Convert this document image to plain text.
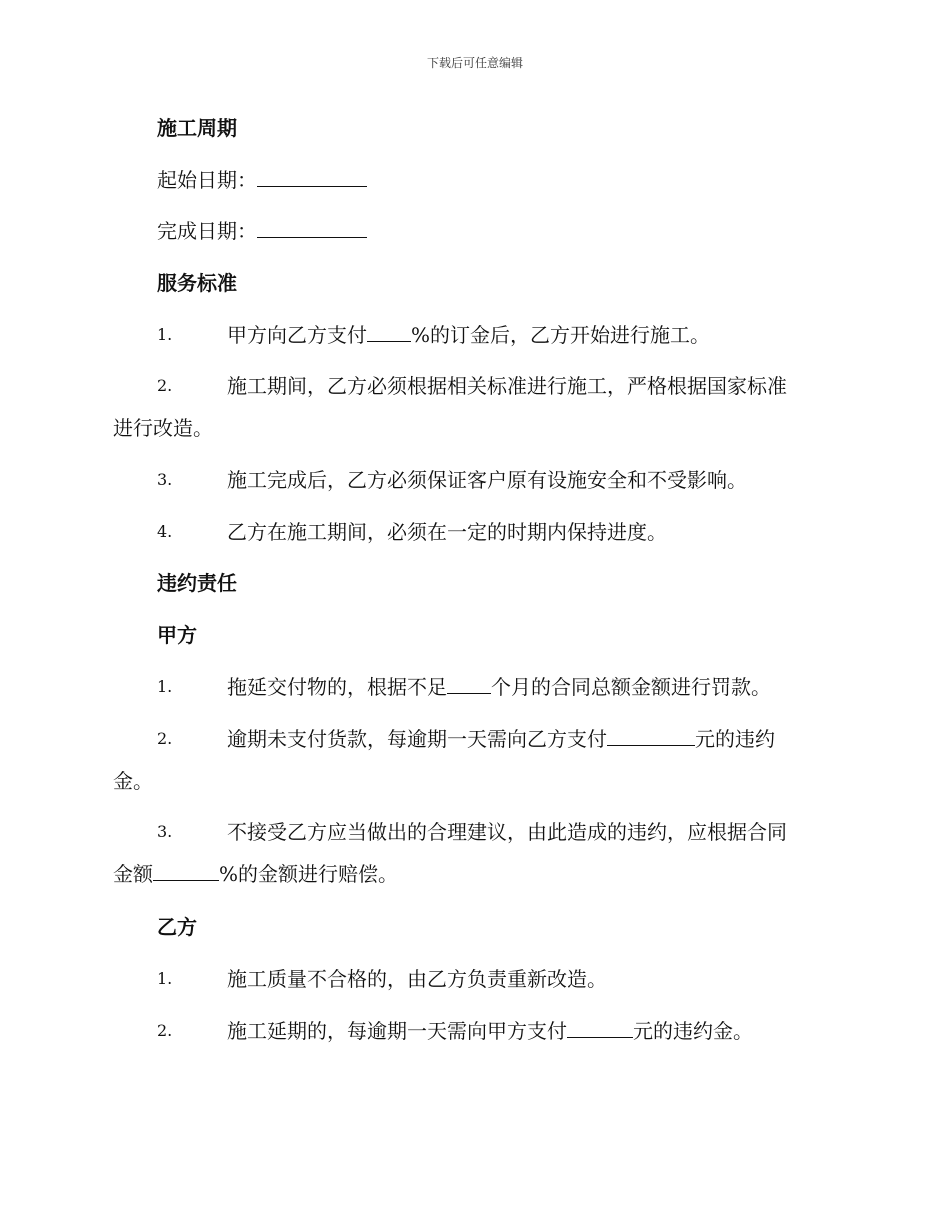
下载后可任意编辑
施工周期
起始日期：
完成日期：
服务标准
1.	甲方向乙方支付 %的订金后，乙方开始进行施工。
2.	施工期间，乙方必须根据相关标准进行施工，严格根据国家标准
进行改造。
3.	施工完成后，乙方必须保证客户原有设施安全和不受影响。
4.	乙方在施工期间，必须在一定的时期内保持进度。
违约责任
甲方
1.	拖延交付物的，根据不足 个月的合同总额金额进行罚款。
2.	逾期未支付货款，每逾期一天需向乙方支付	元的违约
金。
3.	不接受乙方应当做出的合理建议，由此造成的违约，应根据合同
金额	%的金额进行赔偿。
乙方
1.	施工质量不合格的，由乙方负责重新改造。
2.	施工延期的，每逾期一天需向甲方支付	元的违约金。
